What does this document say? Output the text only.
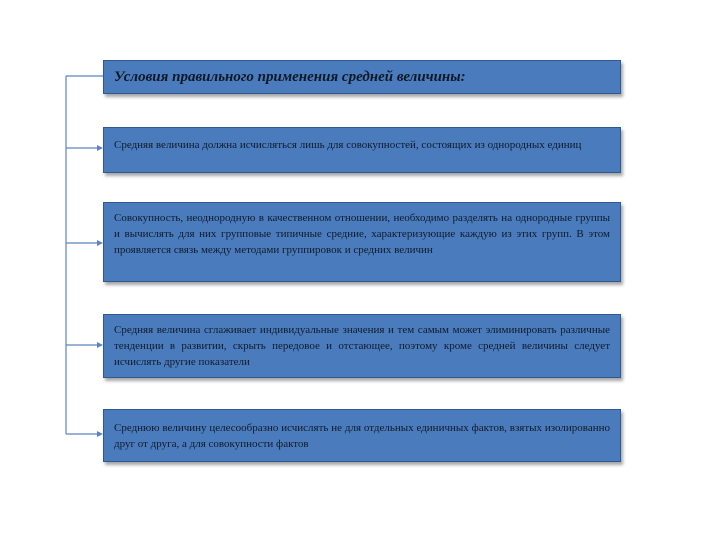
Условия правильного применения средней величины:

Средняя величина должна исчисляться лишь для совокупностей, состоящих из однородных единиц

Совокупность, неоднородную в качественном отношении, необходимо разделять на однородные группы и вычислять для них групповые типичные средние, характеризующие каждую из этих групп. В этом проявляется связь между методами группировок и средних величин

Средняя величина сглаживает индивидуальные значения и тем самым может элиминировать различные тенденции в развитии, скрыть передовое и отстающее, поэтому кроме средней величины следует исчислять другие показатели

Среднюю величину целесообразно исчислять не для отдельных единичных фактов, взятых изолированно друг от друга, а для совокупности фактов
